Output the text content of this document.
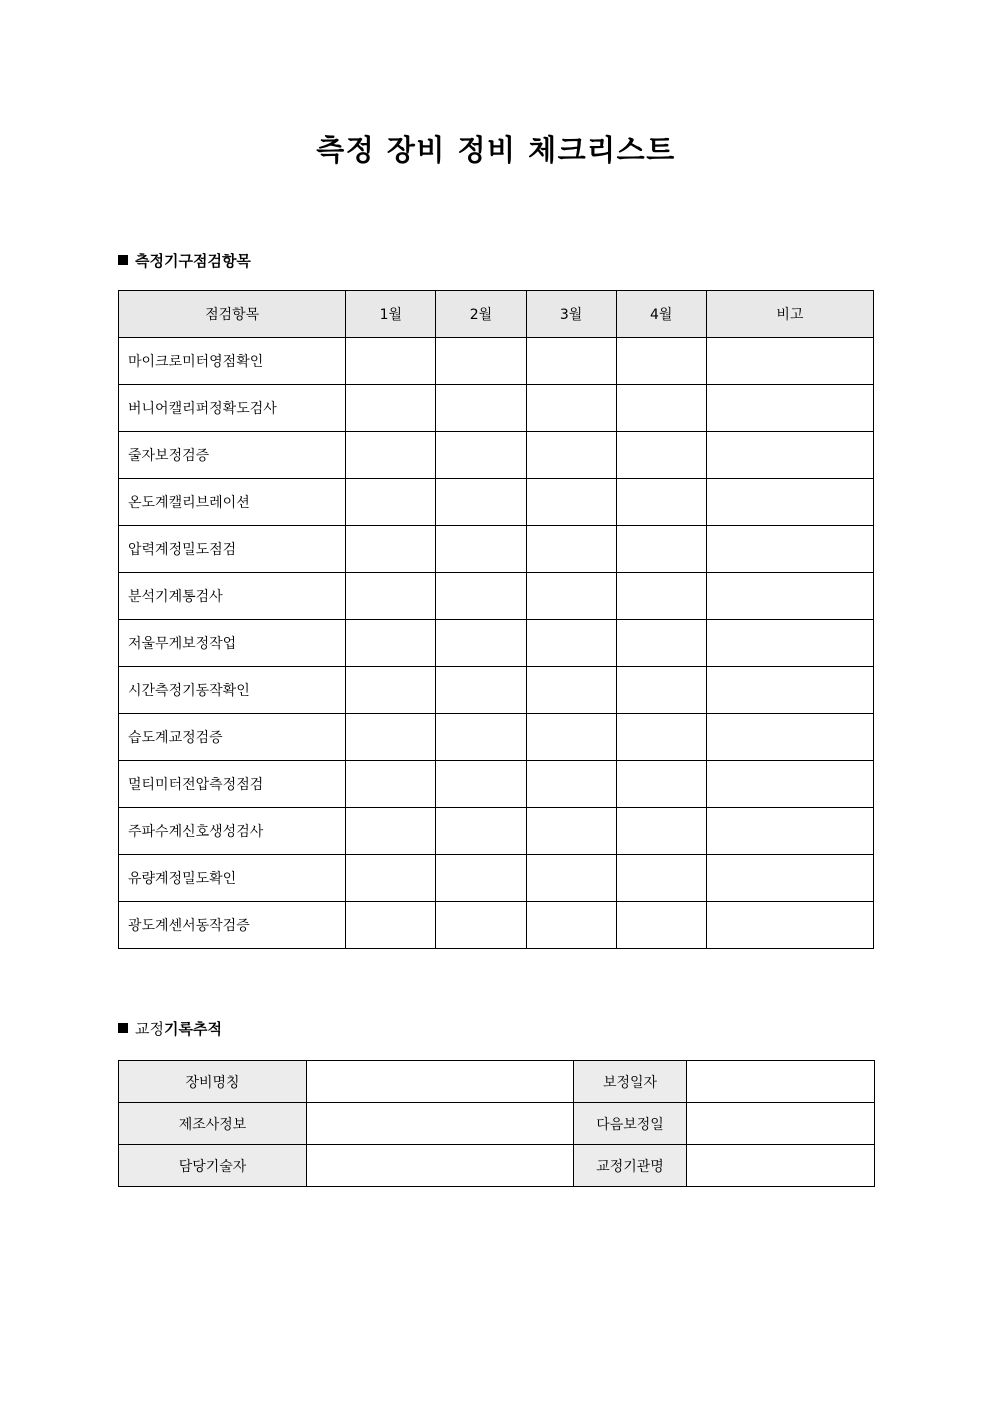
측정 장비 정비 체크리스트
측정기구점검항목
점검항목	1월	2월	3월	4월	비고
마이크로미터영점확인					
버니어캘리퍼정확도검사					
줄자보정검증					
온도계캘리브레이션					
압력계정밀도점검					
분석기계통검사					
저울무게보정작업					
시간측정기동작확인					
습도계교정검증					
멀티미터전압측정점검					
주파수계신호생성검사					
유량계정밀도확인					
광도계센서동작검증					
교정기록추적
장비명칭		보정일자	
제조사정보		다음보정일	
담당기술자		교정기관명	
